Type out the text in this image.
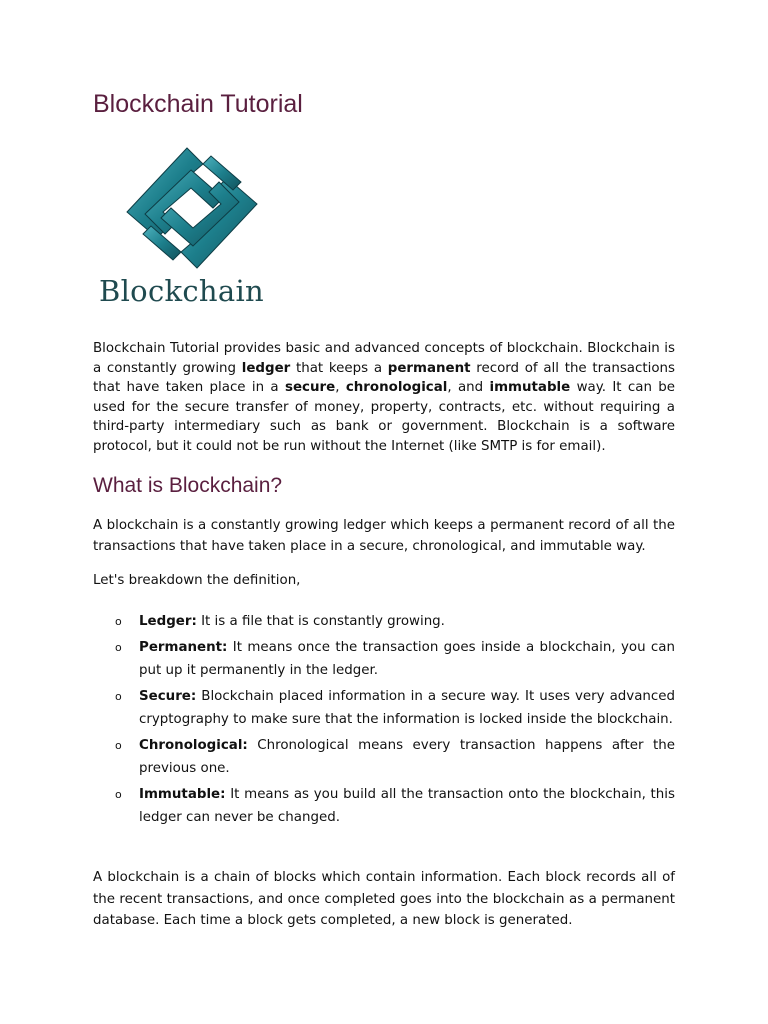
Blockchain Tutorial
Blockchain

Blockchain Tutorial provides basic and advanced concepts of blockchain. Blockchain is a constantly growing ledger that keeps a permanent record of all the transactions that have taken place in a secure, chronological, and immutable way. It can be used for the secure transfer of money, property, contracts, etc. without requiring a third-party intermediary such as bank or government. Blockchain is a software protocol, but it could not be run without the Internet (like SMTP is for email).

What is Blockchain?

A blockchain is a constantly growing ledger which keeps a permanent record of all the transactions that have taken place in a secure, chronological, and immutable way.

Let's breakdown the definition,

o Ledger: It is a file that is constantly growing.
o Permanent: It means once the transaction goes inside a blockchain, you can put up it permanently in the ledger.
o Secure: Blockchain placed information in a secure way. It uses very advanced cryptography to make sure that the information is locked inside the blockchain.
o Chronological: Chronological means every transaction happens after the previous one.
o Immutable: It means as you build all the transaction onto the blockchain, this ledger can never be changed.

A blockchain is a chain of blocks which contain information. Each block records all of the recent transactions, and once completed goes into the blockchain as a permanent database. Each time a block gets completed, a new block is generated.
